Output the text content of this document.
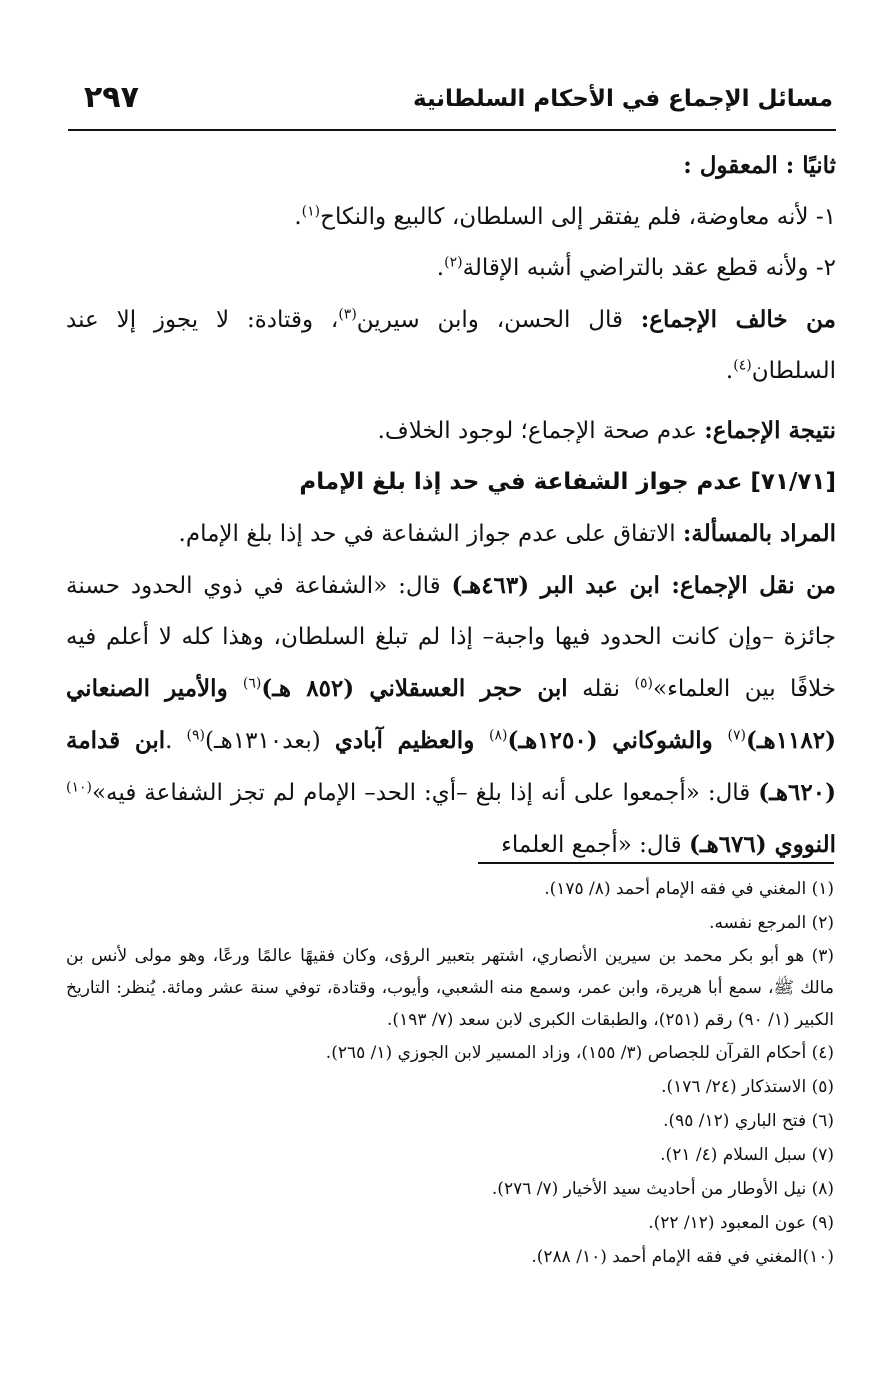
٢٩٧	مسائل الإجماع في الأحكام السلطانية

ثانيًا : المعقول :

١- لأنه معاوضة، فلم يفتقر إلى السلطان، كالبيع والنكاح$^{(١)}$.

٢- ولأنه قطع عقد بالتراضي أشبه الإقالة$^{(٢)}$.

من خالف الإجماع: قال الحسن، وابن سيرين$^{(٣)}$، وقتادة: لا يجوز إلا عند السلطان$^{(٤)}$.

نتيجة الإجماع: عدم صحة الإجماع؛ لوجود الخلاف.

[٧١/٧١] عدم جواز الشفاعة في حد إذا بلغ الإمام

المراد بالمسألة: الاتفاق على عدم جواز الشفاعة في حد إذا بلغ الإمام.

من نقل الإجماع: ابن عبد البر (٤٦٣هـ) قال: «الشفاعة في ذوي الحدود حسنة جائزة –وإن كانت الحدود فيها واجبة– إذا لم تبلغ السلطان، وهذا كله لا أعلم فيه خلافًا بين العلماء»$^{(٥)}$ نقله ابن حجر العسقلاني (٨٥٢ هـ)$^{(٦)}$ والأمير الصنعاني (١١٨٢هـ)$^{(٧)}$ والشوكاني (١٢٥٠هـ)$^{(٨)}$ والعظيم آبادي (بعد١٣١٠هـ)$^{(٩)}$ .ابن قدامة (٦٢٠هـ) قال: «أجمعوا على أنه إذا بلغ –أي: الحد– الإمام لم تجز الشفاعة فيه»$^{(١٠)}$ النووي (٦٧٦هـ) قال: «أجمع العلماء

(١) المغني في فقه الإمام أحمد (٨/ ١٧٥).

(٢) المرجع نفسه.

(٣) هو أبو بكر محمد بن سيرين الأنصاري، اشتهر بتعبير الرؤى، وكان فقيهًا عالمًا ورعًا، وهو مولى لأنس بن مالك ﷺ، سمع أبا هريرة، وابن عمر، وسمع منه الشعبي، وأيوب، وقتادة، توفي سنة عشر ومائة. يُنظر: التاريخ الكبير (١/ ٩٠) رقم (٢٥١)، والطبقات الكبرى لابن سعد (٧/ ١٩٣).

(٤) أحكام القرآن للجصاص (٣/ ١٥٥)، وزاد المسير لابن الجوزي (١/ ٢٦٥).

(٥) الاستذكار (٢٤/ ١٧٦).

(٦) فتح الباري (١٢/ ٩٥).

(٧) سبل السلام (٤/ ٢١).

(٨) نيل الأوطار من أحاديث سيد الأخيار (٧/ ٢٧٦).

(٩) عون المعبود (١٢/ ٢٢).

(١٠)المغني في فقه الإمام أحمد (١٠/ ٢٨٨).
